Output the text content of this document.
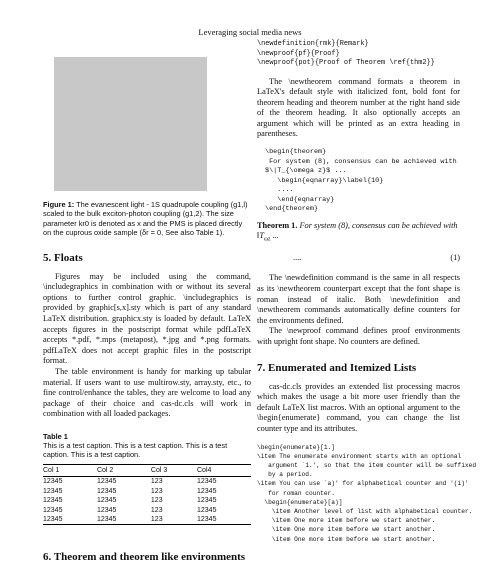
Leveraging social media news
Figure 1: The evanescent light - 1S quadrupole coupling (g1,l) scaled to the bulk exciton-photon coupling (g1,2). The size parameter kr0 is denoted as x and the PMS is placed directly on the cuprous oxide sample (δr = 0, See also Table 1).
5. Floats

Figures may be included using the command, \includegraphics in combination with or without its several options to further control graphic. \includegraphics is provided by graphic[s,x].sty which is part of any standard LaTeX distribution. graphicx.sty is loaded by default. LaTeX accepts figures in the postscript format while pdfLaTeX accepts *.pdf, *.mps (metapost), *.jpg and *.png formats. pdfLaTeX does not accept graphic files in the postscript format.

The table environment is handy for marking up tabular material. If users want to use multirow.sty, array.sty, etc., to fine control/enhance the tables, they are welcome to load any package of their choice and cas-dc.cls will work in combination with all loaded packages.

Table 1
This is a test caption. This is a test caption. This is a test caption. This is a test caption.
Col 1	Col 2	Col 3	Col4
12345	12345	123	12345
12345	12345	123	12345
12345	12345	123	12345
12345	12345	123	12345
12345	12345	123	12345
6. Theorem and theorem like environments
\newdefinition{rmk}{Remark}
\newproof{pf}{Proof}
\newproof{pot}{Proof of Theorem \ref{thm2}}

The \newtheorem command formats a theorem in LaTeX's default style with italicized font, bold font for theorem heading and theorem number at the right hand side of the theorem heading. It also optionally accepts an argument which will be printed as an extra heading in parentheses.

\begin{theorem}
For system (8), consensus can be achieved with
$\|T_{\omega z}$ ...
\begin{eqnarray}\label{10}
....
\end{eqnarray}
\end{theorem}
Theorem 1. For system (8), consensus can be achieved with $‖T_{\omega z}$ ...
....	(1)

The \newdefinition command is the same in all respects as its \newtheorem counterpart except that the font shape is roman instead of italic. Both \newdefinition and \newtheorem commands automatically define counters for the environments defined.

The \newproof command defines proof environments with upright font shape. No counters are defined.

7. Enumerated and Itemized Lists

cas-dc.cls provides an extended list processing macros which makes the usage a bit more user friendly than the default LaTeX list macros. With an optional argument to the \begin{enumerate} command, you can change the list counter type and its attributes.

\begin{enumerate}[1.]
\item The enumerate environment starts with an optional
argument `1.', so that the item counter will be suffixed
by a period.
\item You can use `a)' for alphabetical counter and '(i)'
for roman counter.
\begin{enumerate}[a)]
\item Another level of list with alphabetical counter.
\item One more item before we start another.
\item One more item before we start another.
\item One more item before we start another.
